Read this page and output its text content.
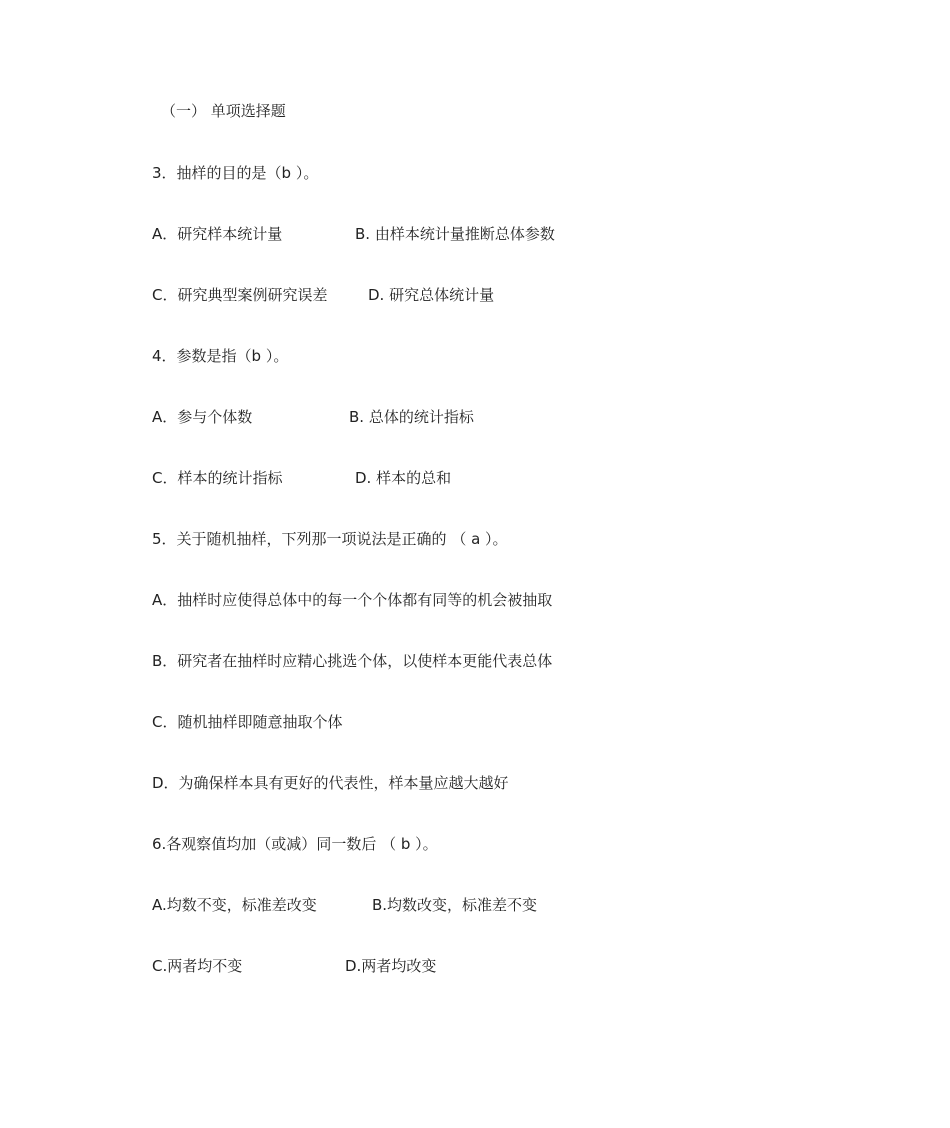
（一） 单项选择题
3．抽样的目的是（b ）。
A．研究样本统计量	B. 由样本统计量推断总体参数
C．研究典型案例研究误差	D. 研究总体统计量
4．参数是指（b ）。
A．参与个体数	B. 总体的统计指标
C．样本的统计指标	D. 样本的总和
5．关于随机抽样，下列那一项说法是正确的 （ a ）。
A．抽样时应使得总体中的每一个个体都有同等的机会被抽取
B．研究者在抽样时应精心挑选个体，以使样本更能代表总体
C．随机抽样即随意抽取个体
D．为确保样本具有更好的代表性，样本量应越大越好
6.各观察值均加（或减）同一数后 （ b ）。
A.均数不变，标准差改变	B.均数改变，标准差不变
C.两者均不变	D.两者均改变
